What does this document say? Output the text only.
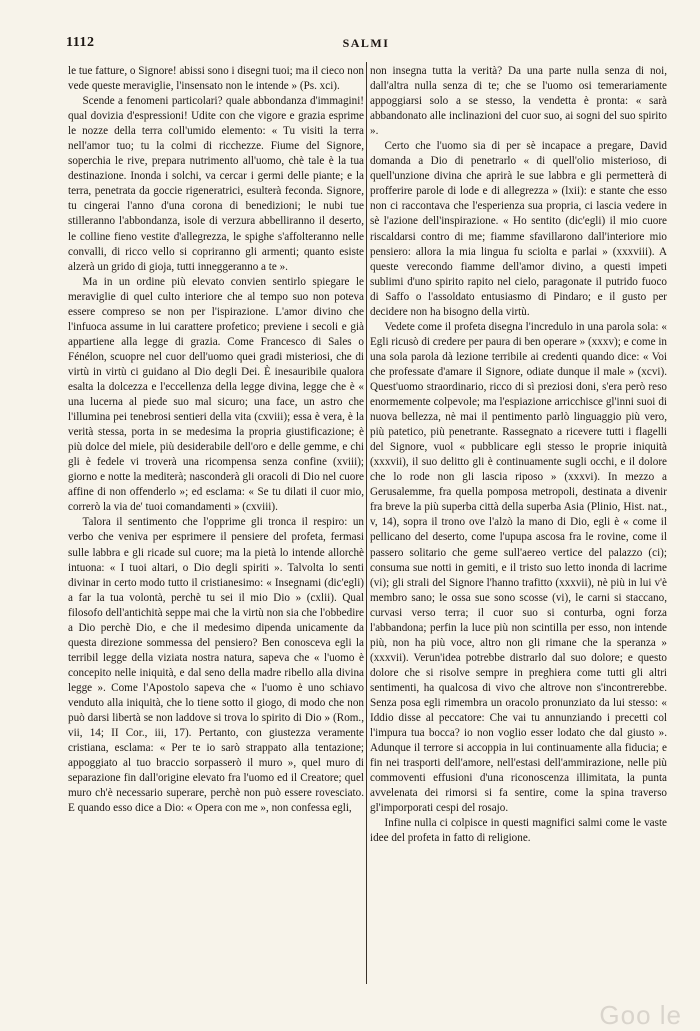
1112	SALMI

le tue fatture, o Signore! abissi sono i disegni tuoi; ma il cieco non vede queste meraviglie, l'insensato non le intende » (Ps. xci).

Scende a fenomeni particolari? quale abbondanza d'immagini! qual dovizia d'espressioni! Udite con che vigore e grazia esprime le nozze della terra coll'umido elemento: « Tu visiti la terra nell'amor tuo; tu la colmi di ricchezze. Fiume del Signore, soperchia le rive, prepara nutrimento all'uomo, chè tale è la tua destinazione. Inonda i solchi, va cercar i germi delle piante; e la terra, penetrata da goccie rigeneratrici, esulterà feconda. Signore, tu cingerai l'anno d'una corona di benedizioni; le nubi tue stilleranno l'abbondanza, isole di verzura abbelliranno il deserto, le colline fieno vestite d'allegrezza, le spighe s'affolteranno nelle convalli, di ricco vello si copriranno gli armenti; quanto esiste alzerà un grido di gioja, tutti inneggeranno a te ».

Ma in un ordine più elevato convien sentirlo spiegare le meraviglie di quel culto interiore che al tempo suo non poteva essere compreso se non per l'ispirazione. L'amor divino che l'infuoca assume in lui carattere profetico; previene i secoli e già appartiene alla legge di grazia. Come Francesco di Sales o Fénélon, scuopre nel cuor dell'uomo quei gradi misteriosi, che di virtù in virtù ci guidano al Dio degli Dei. È inesauribile qualora esalta la dolcezza e l'eccellenza della legge divina, legge che è « una lucerna al piede suo mal sicuro; una face, un astro che l'illumina pei tenebrosi sentieri della vita (cxviii); essa è vera, è la verità stessa, porta in se medesima la propria giustificazione; è più dolce del miele, più desiderabile dell'oro e delle gemme, e chi gli è fedele vi troverà una ricompensa senza confine (xviii); giorno e notte la mediterà; nasconderà gli oracoli di Dio nel cuore affine di non offenderlo »; ed esclama: « Se tu dilati il cuor mio, correrò la via de' tuoi comandamenti » (cxviii).

Talora il sentimento che l'opprime gli tronca il respiro: un verbo che veniva per esprimere il pensiere del profeta, fermasi sulle labbra e gli ricade sul cuore; ma la pietà lo intende allorchè intuona: « I tuoi altari, o Dio degli spiriti ». Talvolta lo senti divinar in certo modo tutto il cristianesimo: « Insegnami (dic'egli) a far la tua volontà, perchè tu sei il mio Dio » (cxlii). Qual filosofo dell'antichità seppe mai che la virtù non sia che l'obbedire a Dio perchè Dio, e che il medesimo dipenda unicamente da questa direzione sommessa del pensiero? Ben conosceva egli la terribil legge della viziata nostra natura, sapeva che « l'uomo è concepito nelle iniquità, e dal seno della madre ribello alla divina legge ». Come l'Apostolo sapeva che « l'uomo è uno schiavo venduto alla iniquità, che lo tiene sotto il giogo, di modo che non può darsi libertà se non laddove si trova lo spirito di Dio » (Rom., vii, 14; II Cor., iii, 17). Pertanto, con giustezza veramente cristiana, esclama: « Per te io sarò strappato alla tentazione; appoggiato al tuo braccio sorpasserò il muro », quel muro di separazione fin dall'origine elevato fra l'uomo ed il Creatore; quel muro ch'è necessario superare, perchè non può essere rovesciato. E quando esso dice a Dio: « Opera con me », non confessa egli,

non insegna tutta la verità? Da una parte nulla senza di noi, dall'altra nulla senza di te; che se l'uomo osi temerariamente appoggiarsi solo a se stesso, la vendetta è pronta: « sarà abbandonato alle inclinazioni del cuor suo, ai sogni del suo spirito ».

Certo che l'uomo sia di per sè incapace a pregare, David domanda a Dio di penetrarlo « di quell'olio misterioso, di quell'unzione divina che aprirà le sue labbra e gli permetterà di profferire parole di lode e di allegrezza » (lxii): e stante che esso non ci raccontava che l'esperienza sua propria, ci lascia vedere in sè l'azione dell'inspirazione. « Ho sentito (dic'egli) il mio cuore riscaldarsi contro di me; fiamme sfavillarono dall'interiore mio pensiero: allora la mia lingua fu sciolta e parlai » (xxxviii). A queste verecondo fiamme dell'amor divino, a questi impeti sublimi d'uno spirito rapito nel cielo, paragonate il putrido fuoco di Saffo o l'assoldato entusiasmo di Pindaro; e il gusto per decidere non ha bisogno della virtù.

Vedete come il profeta disegna l'incredulo in una parola sola: « Egli ricusò di credere per paura di ben operare » (xxxv); e come in una sola parola dà lezione terribile ai credenti quando dice: « Voi che professate d'amare il Signore, odiate dunque il male » (xcvi). Quest'uomo straordinario, ricco di sì preziosi doni, s'era però reso enormemente colpevole; ma l'espiazione arricchisce gl'inni suoi di nuova bellezza, nè mai il pentimento parlò linguaggio più vero, più patetico, più penetrante. Rassegnato a ricevere tutti i flagelli del Signore, vuol « pubblicare egli stesso le proprie iniquità (xxxvii), il suo delitto gli è continuamente sugli occhi, e il dolore che lo rode non gli lascia riposo » (xxxvi). In mezzo a Gerusalemme, fra quella pomposa metropoli, destinata a divenir fra breve la più superba città della superba Asia (Plinio, Hist. nat., v, 14), sopra il trono ove l'alzò la mano di Dio, egli è « come il pellicano del deserto, come l'upupa ascosa fra le rovine, come il passero solitario che geme sull'aereo vertice del palazzo (ci); consuma sue notti in gemiti, e il tristo suo letto inonda di lacrime (vi); gli strali del Signore l'hanno trafitto (xxxvii), nè più in lui v'è membro sano; le ossa sue sono scosse (vi), le carni si staccano, curvasi verso terra; il cuor suo si conturba, ogni forza l'abbandona; perfin la luce più non scintilla per esso, non intende più, non ha più voce, altro non gli rimane che la speranza » (xxxvii). Verun'idea potrebbe distrarlo dal suo dolore; e questo dolore che si risolve sempre in preghiera come tutti gli altri sentimenti, ha qualcosa di vivo che altrove non s'incontrerebbe. Senza posa egli rimembra un oracolo pronunziato da lui stesso: « Iddio disse al peccatore: Che vai tu annunziando i precetti col l'impura tua bocca? io non voglio esser lodato che dal giusto ». Adunque il terrore si accoppia in lui continuamente alla fiducia; e fin nei trasporti dell'amore, nell'estasi dell'ammirazione, nelle più commoventi effusioni d'una riconoscenza illimitata, la punta avvelenata dei rimorsi si fa sentire, come la spina traverso gl'imporporati cespi del rosajo.

Infine nulla ci colpisce in questi magnifici salmi come le vaste idee del profeta in fatto di religione.

Goo le
